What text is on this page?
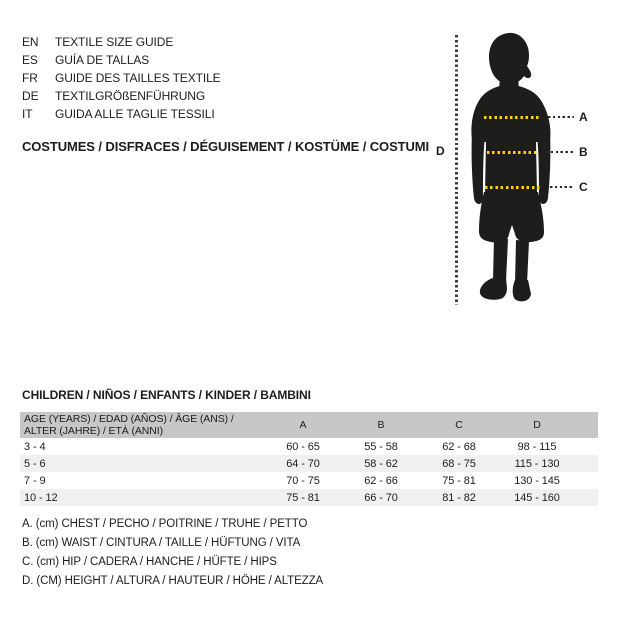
EN	TEXTILE SIZE GUIDE
ES	GUÍA DE TALLAS
FR	GUIDE DES TAILLES TEXTILE
DE	TEXTILGRÖßENFÜHRUNG
IT	GUIDA ALLE TAGLIE TESSILI
COSTUMES / DISFRACES / DÉGUISEMENT / KOSTÜME / COSTUMI D
A
B
C
CHILDREN / NIÑOS / ENFANTS / KINDER / BAMBINI
AGE (YEARS) / EDAD (AÑOS) / ÂGE (ANS) /
ALTER (JAHRE) / ETÀ (ANNI)	A	B	C	D	
3 - 4	60 - 65	55 - 58	62 - 68	98 - 115	
5 - 6	64 - 70	58 - 62	68 - 75	115 - 130	
7 - 9	70 - 75	62 - 66	75 - 81	130 - 145	
10 - 12	75 - 81	66 - 70	81 - 82	145 - 160	
A. (cm) CHEST / PECHO / POITRINE / TRUHE / PETTO
B. (cm) WAIST / CINTURA / TAILLE / HÜFTUNG / VITA
C. (cm) HIP / CADERA / HANCHE / HÜFTE / HIPS
D. (CM) HEIGHT / ALTURA / HAUTEUR / HÖHE / ALTEZZA
